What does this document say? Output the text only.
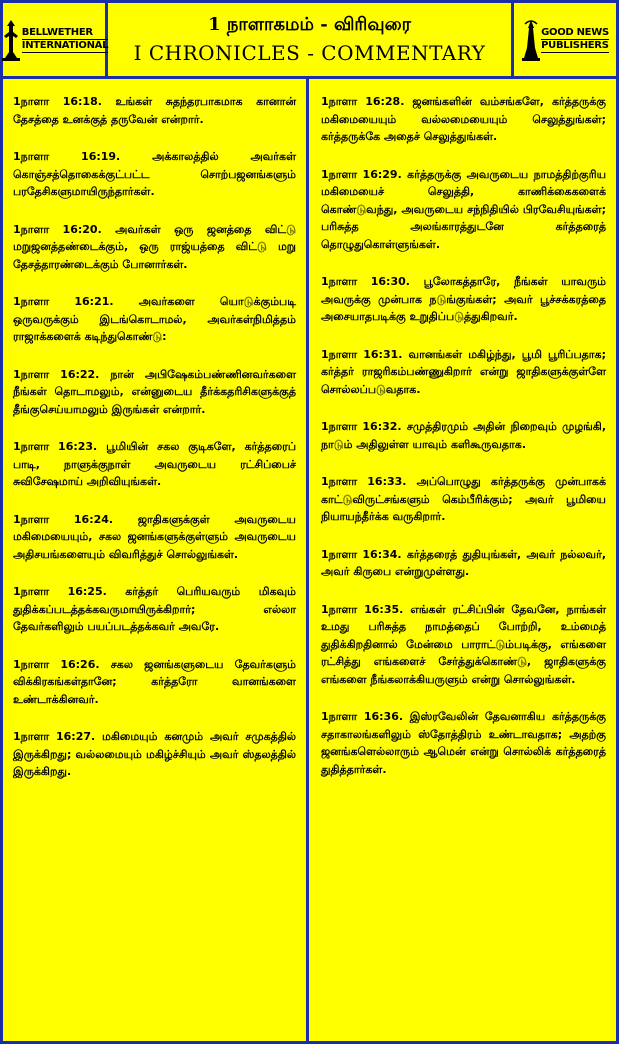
BELLWETHER
INTERNATIONAL
1 நாளாகமம் - விரிவுரை
I CHRONICLES - COMMENTARY
GOOD NEWS
PUBLISHERS

1நாளா 16:18. உங்கள் சுதந்தரபாகமாக கானான் தேசத்தை உனக்குத் தருவேன் என்றார்.

1நாளா 16:19. அக்காலத்தில் அவர்கள் கொஞ்சத்தொகைக்குட்பட்ட சொற்பஜனங்களும் பரதேசிகளுமாயிருந்தார்கள்.

1நாளா 16:20. அவர்கள் ஒரு ஜனத்தை விட்டு மறுஜனத்தண்டைக்கும், ஒரு ராஜ்யத்தை விட்டு மறு தேசத்தாரண்டைக்கும் போனார்கள்.

1நாளா 16:21. அவர்களை யொடுக்கும்படி ஒருவருக்கும் இடங்கொடாமல், அவர்கள்நிமித்தம் ராஜாக்களைக் கடிந்துகொண்டு:

1நாளா 16:22. நான் அபிஷேகம்பண்ணினவர்களை நீங்கள் தொடாமலும், என்னுடைய தீர்க்கதரிசிகளுக்குத் தீங்குசெய்யாமலும் இருங்கள் என்றார்.

1நாளா 16:23. பூமியின் சகல குடிகளே, கர்த்தரைப் பாடி, நாளுக்குநாள் அவருடைய ரட்சிப்பைச் சுவிசேஷமாய் அறிவியுங்கள்.

1நாளா 16:24. ஜாதிகளுக்குள் அவருடைய மகிமையையும், சகல ஜனங்களுக்குள்ளும் அவருடைய அதிசயங்களையும் விவரித்துச் சொல்லுங்கள்.

1நாளா 16:25. கர்த்தர் பெரியவரும் மிகவும் துதிக்கப்படத்தக்கவருமாயிருக்கிறார்; எல்லா தேவர்களிலும் பயப்படத்தக்கவர் அவரே.

1நாளா 16:26. சகல ஜனங்களுடைய தேவர்களும் விக்கிரகங்கள்தானே; கர்த்தரோ வானங்களை உண்டாக்கினவர்.

1நாளா 16:27. மகிமையும் கனமும் அவர் சமுகத்தில் இருக்கிறது; வல்லமையும் மகிழ்ச்சியும் அவர் ஸ்தலத்தில் இருக்கிறது.

1நாளா 16:28. ஜனங்களின் வம்சங்களே, கர்த்தருக்கு மகிமையையும் வல்லமையையும் செலுத்துங்கள்; கர்த்தருக்கே அதைச் செலுத்துங்கள்.

1நாளா 16:29. கர்த்தருக்கு அவருடைய நாமத்திற்குரிய மகிமையைச் செலுத்தி, காணிக்கைகளைக் கொண்டுவந்து, அவருடைய சந்நிதியில் பிரவேசியுங்கள்; பரிசுத்த அலங்காரத்துடனே கர்த்தரைத் தொழுதுகொள்ளுங்கள்.

1நாளா 16:30. பூலோகத்தாரே, நீங்கள் யாவரும் அவருக்கு முன்பாக நடுங்குங்கள்; அவர் பூச்சக்கரத்தை அசையாதபடிக்கு உறுதிப்படுத்துகிறவர்.

1நாளா 16:31. வானங்கள் மகிழ்ந்து, பூமி பூரிப்பதாக; கர்த்தர் ராஜரிகம்பண்ணுகிறார் என்று ஜாதிகளுக்குள்ளே சொல்லப்படுவதாக.

1நாளா 16:32. சமுத்திரமும் அதின் நிறைவும் முழங்கி, நாடும் அதிலுள்ள யாவும் களிகூருவதாக.

1நாளா 16:33. அப்பொழுது கர்த்தருக்கு முன்பாகக் காட்டுவிருட்சங்களும் கெம்பீரிக்கும்; அவர் பூமியை நியாயந்தீர்க்க வருகிறார்.

1நாளா 16:34. கர்த்தரைத் துதியுங்கள், அவர் நல்லவர், அவர் கிருபை என்றுமுள்ளது.

1நாளா 16:35. எங்கள் ரட்சிப்பின் தேவனே, நாங்கள் உமது பரிசுத்த நாமத்தைப் போற்றி, உம்மைத் துதிக்கிறதினால் மேன்மை பாராட்டும்படிக்கு, எங்களை ரட்சித்து எங்களைச் சேர்த்துக்கொண்டு, ஜாதிகளுக்கு எங்களை நீங்கலாக்கியருளும் என்று சொல்லுங்கள்.

1நாளா 16:36. இஸ்ரவேலின் தேவனாகிய கர்த்தருக்கு சதாகாலங்களிலும் ஸ்தோத்திரம் உண்டாவதாக; அதற்கு ஜனங்களெல்லாரும் ஆமென் என்று சொல்லிக் கர்த்தரைத் துதித்தார்கள்.
